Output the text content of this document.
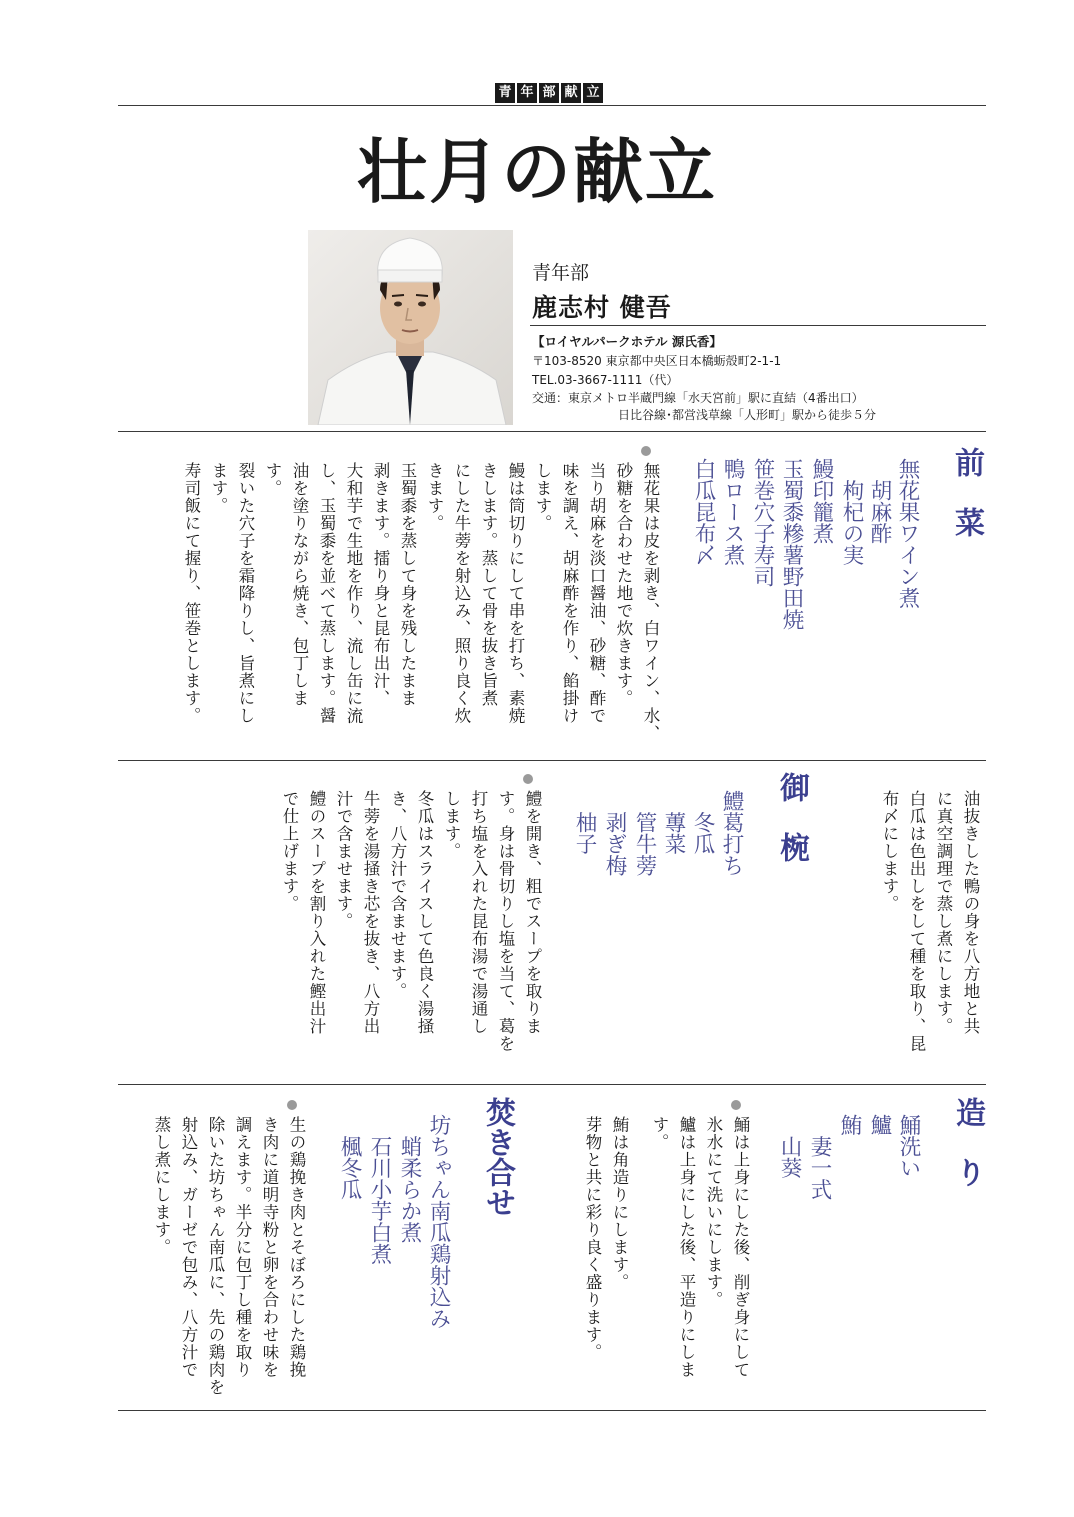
青 年 部 献 立
壮月の献立
青年部
鹿志村 健吾
【ロイヤルパークホテル 源氏香】
〒103-8520 東京都中央区日本橋蛎殻町2-1-1
TEL.03-3667-1111（代）
交通：東京メトロ半蔵門線「水天宮前」駅に直結（4番出口）
日比谷線･都営浅草線「人形町」駅から徒歩５分
前　菜
無花果ワイン煮
　胡麻酢
　枸杞の実
鰻印籠煮
玉蜀黍糝薯野田焼
笹巻穴子寿司
鴨ロース煮
白瓜昆布〆
無花果は皮を剥き、白ワイン、水、
砂糖を合わせた地で炊きます。
当り胡麻を淡口醤油、砂糖、酢で
味を調え、胡麻酢を作り、餡掛け
します。
鰻は筒切りにして串を打ち、素焼
きします。蒸して骨を抜き旨煮
にした牛蒡を射込み、照り良く炊
きます。
玉蜀黍を蒸して身を残したまま
剥きます。擂り身と昆布出汁、
大和芋で生地を作り、流し缶に流
し、玉蜀黍を並べて蒸します。醤
油を塗りながら焼き、包丁しま
す。
裂いた穴子を霜降りし、旨煮にし
ます。
寿司飯にて握り、笹巻とします。
油抜きした鴨の身を八方地と共
に真空調理で蒸し煮にします。
白瓜は色出しをして種を取り、昆
布〆にします。
御　椀
鱧葛打ち
　冬瓜
　蓴菜
　管牛蒡
　剥ぎ梅
　柚子
鱧を開き、粗でスープを取りま
す。身は骨切りし塩を当て、葛を
打ち塩を入れた昆布湯で湯通し
します。
冬瓜はスライスして色良く湯掻
き、八方汁で含ませます。
牛蒡を湯掻き芯を抜き、八方出
汁で含ませます。
鱧のスープを割り入れた鰹出汁
で仕上げます。
造　り
鯒洗い
鱸
鮪
　妻一式
　山葵
鯒は上身にした後、削ぎ身にして
氷水にて洗いにします。
鱸は上身にした後、平造りにしま
す。
鮪は角造りにします。
芽物と共に彩り良く盛ります。
焚き合せ
坊ちゃん南瓜鶏射込み
　蛸柔らか煮
　石川小芋白煮
　楓冬瓜
生の鶏挽き肉とそぼろにした鶏挽
き肉に道明寺粉と卵を合わせ味を
調えます。半分に包丁し種を取り
除いた坊ちゃん南瓜に、先の鶏肉を
射込み、ガーゼで包み、八方汁で
蒸し煮にします。
